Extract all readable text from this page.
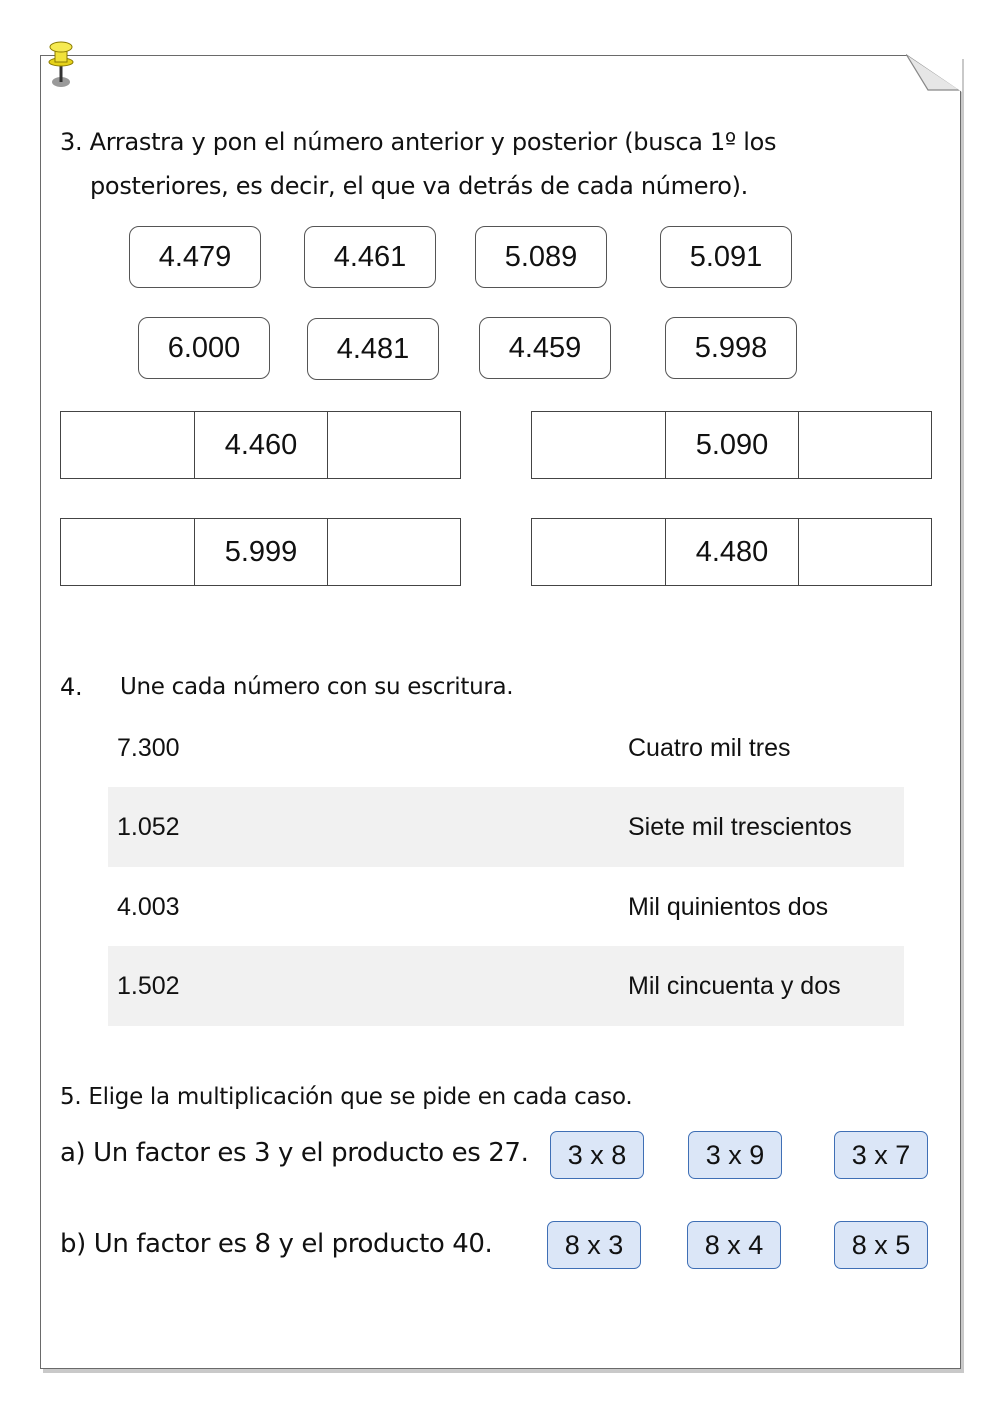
3. Arrastra y pon el número anterior y posterior (busca 1º los
posteriores, es decir, el que va detrás de cada número).
4.479	4.461	5.089	5.091
6.000	4.481	4.459	5.998
4.460	5.090
5.999	4.480
4. Une cada número con su escritura.
7.300	Cuatro mil tres
1.052	Siete mil trescientos
4.003	Mil quinientos dos
1.502	Mil cincuenta y dos
5. Elige la multiplicación que se pide en cada caso.
a) Un factor es 3 y el producto es 27.	3 x 8	3 x 9	3 x 7
b) Un factor es 8 y el producto 40.	8 x 3	8 x 4	8 x 5
